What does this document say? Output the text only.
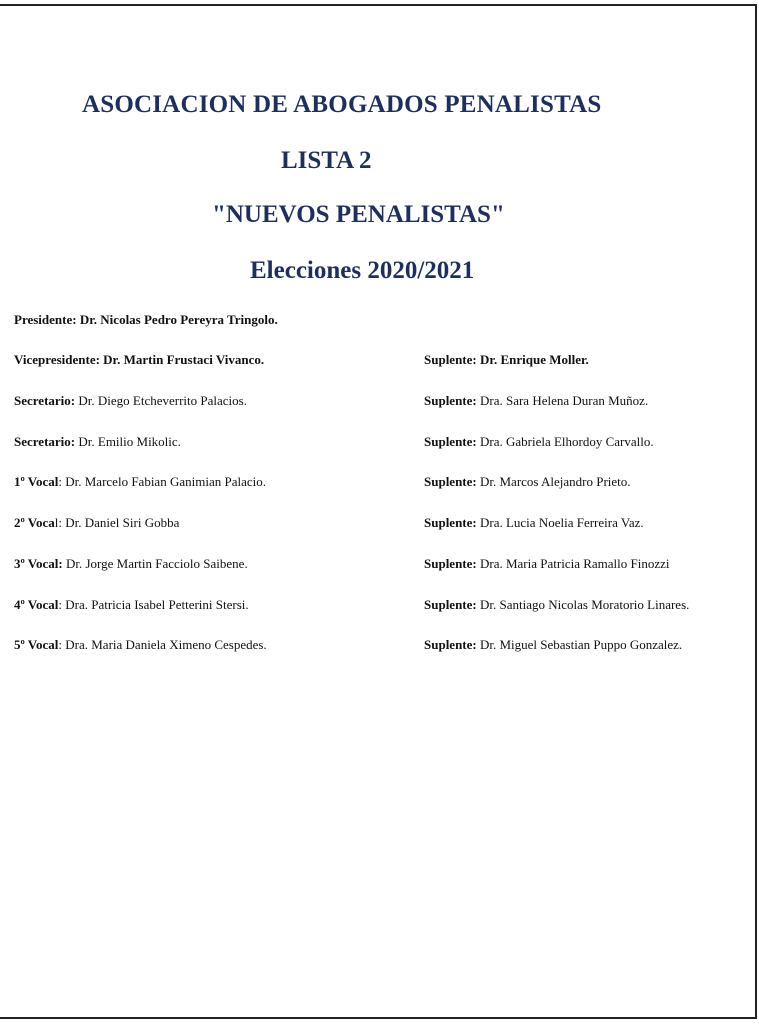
ASOCIACION DE ABOGADOS PENALISTAS
LISTA 2
"NUEVOS PENALISTAS"
Elecciones 2020/2021
Presidente: Dr. Nicolas Pedro Pereyra Tringolo.
Vicepresidente: Dr. Martin Frustaci Vivanco.
Secretario: Dr. Diego Etcheverrito Palacios.
Secretario: Dr. Emilio Mikolic.
1º Vocal: Dr. Marcelo Fabian Ganimian Palacio.
2º Vocal: Dr. Daniel Siri Gobba
3º Vocal: Dr. Jorge Martin Facciolo Saibene.
4º Vocal: Dra. Patricia Isabel Petterini Stersi.
5º Vocal: Dra. Maria Daniela Ximeno Cespedes.
Suplente: Dr. Enrique Moller.
Suplente: Dra. Sara Helena Duran Muñoz.
Suplente: Dra. Gabriela Elhordoy Carvallo.
Suplente: Dr. Marcos Alejandro Prieto.
Suplente: Dra. Lucia Noelia Ferreira Vaz.
Suplente: Dra. Maria Patricia Ramallo Finozzi
Suplente: Dr. Santiago Nicolas Moratorio Linares.
Suplente: Dr. Miguel Sebastian Puppo Gonzalez.
